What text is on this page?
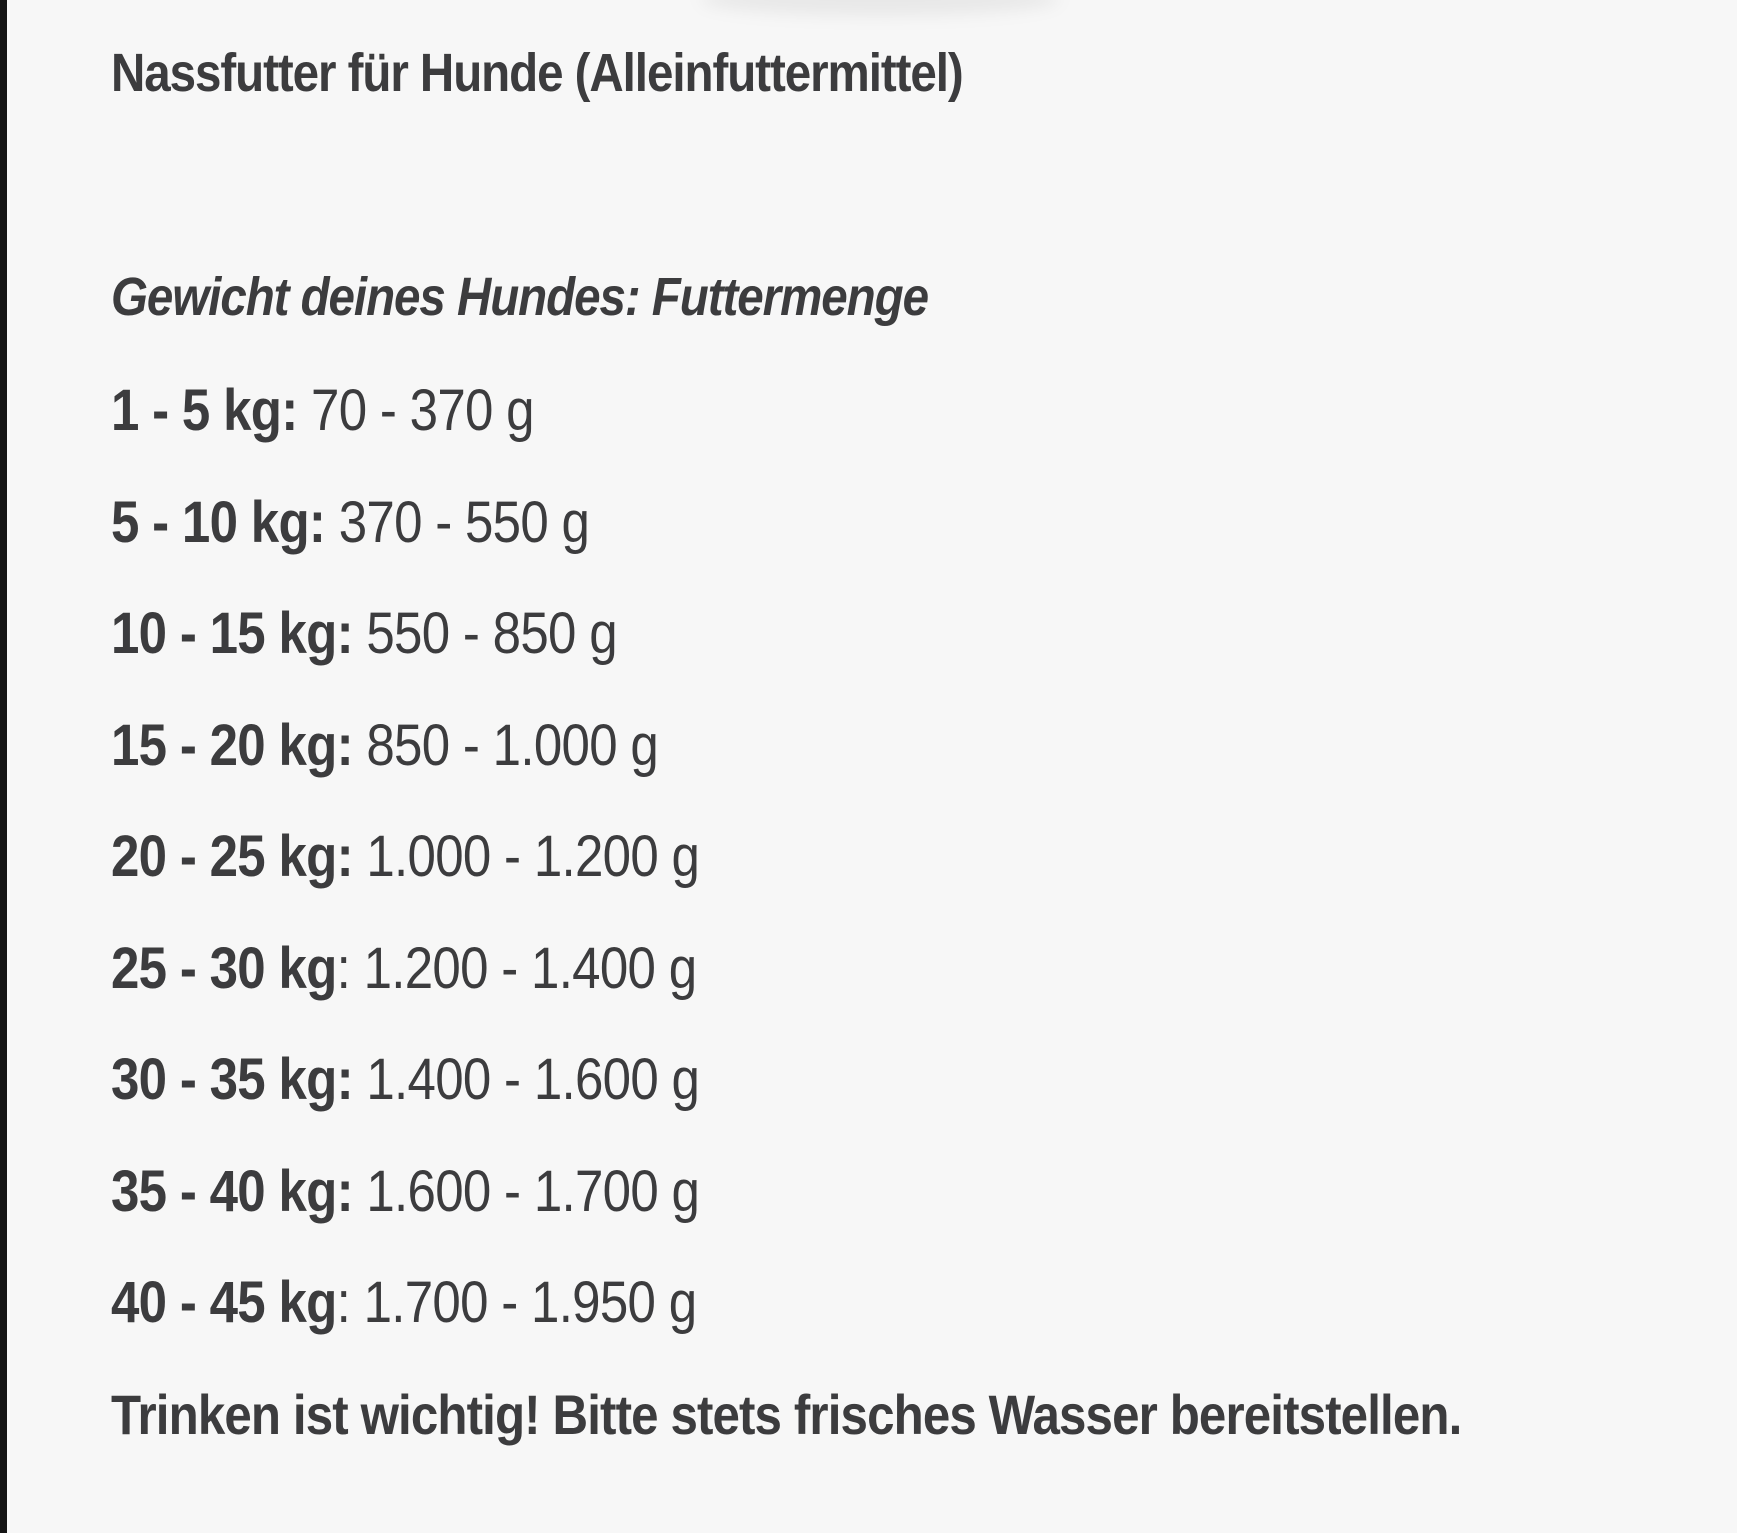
Nassfutter für Hunde (Alleinfuttermittel)
Gewicht deines Hundes: Futtermenge
1 - 5 kg: 70 - 370 g
5 - 10 kg: 370 - 550 g
10 - 15 kg: 550 - 850 g
15 - 20 kg: 850 - 1.000 g
20 - 25 kg: 1.000 - 1.200 g
25 - 30 kg: 1.200 - 1.400 g
30 - 35 kg: 1.400 - 1.600 g
35 - 40 kg: 1.600 - 1.700 g
40 - 45 kg: 1.700 - 1.950 g

Trinken ist wichtig! Bitte stets frisches Wasser bereitstellen.
